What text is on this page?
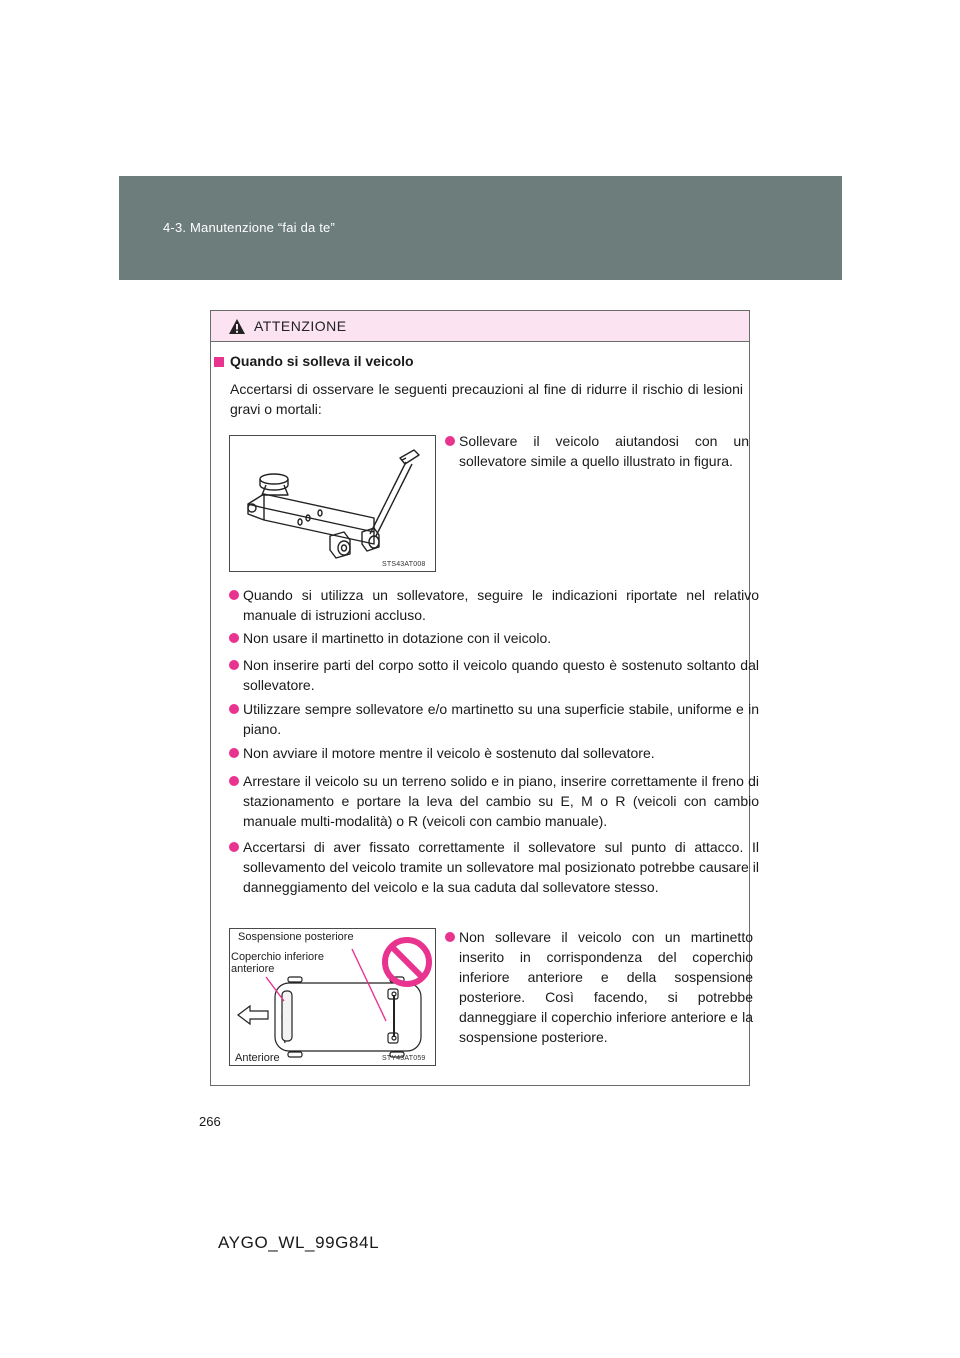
4-3. Manutenzione “fai da te”
ATTENZIONE
Quando si solleva il veicolo
Accertarsi di osservare le seguenti precauzioni al fine di ridurre il rischio di lesioni gravi o mortali:
STS43AT008
Sollevare il veicolo aiutandosi con un sollevatore simile a quello illustrato in figura.
Quando si utilizza un sollevatore, seguire le indicazioni riportate nel relativo manuale di istruzioni accluso.
Non usare il martinetto in dotazione con il veicolo.
Non inserire parti del corpo sotto il veicolo quando questo è sostenuto soltanto dal sollevatore.
Utilizzare sempre sollevatore e/o martinetto su una superficie stabile, uniforme e in piano.
Non avviare il motore mentre il veicolo è sostenuto dal sollevatore.
Arrestare il veicolo su un terreno solido e in piano, inserire correttamente il freno di stazionamento e portare la leva del cambio su E, M o R (veicoli con cambio manuale multi-modalità) o R (veicoli con cambio manuale).
Accertarsi di aver fissato correttamente il sollevatore sul punto di attacco. Il sollevamento del veicolo tramite un sollevatore mal posizionato potrebbe causare il danneggiamento del veicolo e la sua caduta dal sollevatore stesso.
Sospensione posteriore
Coperchio inferiore anteriore
Anteriore	STY43AT059
Non sollevare il veicolo con un martinetto inserito in corrispondenza del coperchio inferiore anteriore e della sospensione posteriore. Così facendo, si potrebbe danneggiare il coperchio inferiore anteriore e la sospensione posteriore.
266
AYGO_WL_99G84L
